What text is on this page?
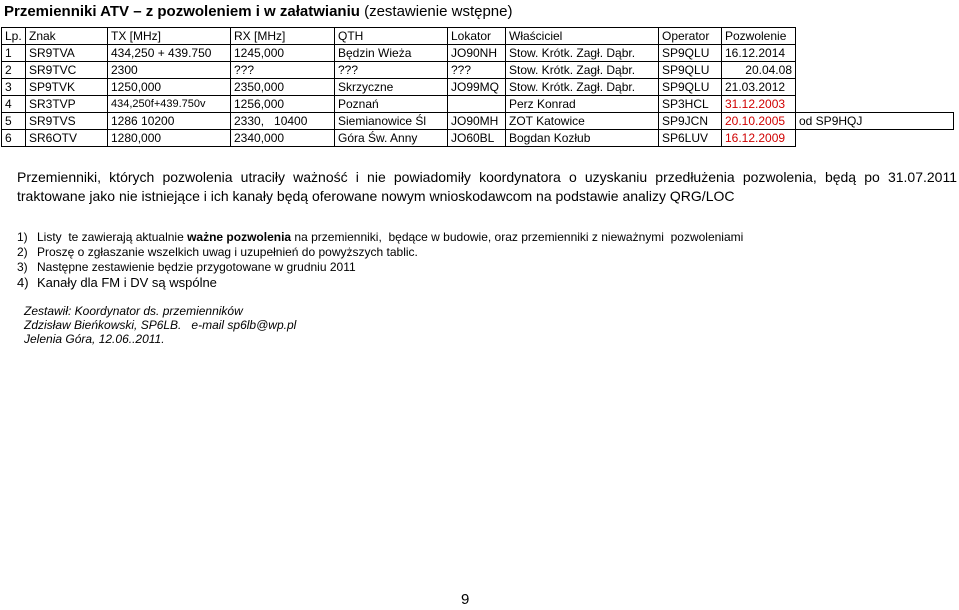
Przemienniki ATV – z pozwoleniem i w załatwianiu (zestawienie wstępne)
Lp.	Znak	TX [MHz]	RX [MHz]	QTH	Lokator	Właściciel	Operator	Pozwolenie	
1	SR9TVA	434,250 + 439.750	1245,000	Będzin Wieża	JO90NH	Stow. Krótk. Zagł. Dąbr.	SP9QLU	16.12.2014	
2	SR9TVC	2300	???	???	???	Stow. Krótk. Zagł. Dąbr.	SP9QLU	20.04.08	
3	SP9TVK	1250,000	2350,000	Skrzyczne	JO99MQ	Stow. Krótk. Zagł. Dąbr.	SP9QLU	21.03.2012	
4	SR3TVP	434,250f+439.750v	1256,000	Poznań		Perz Konrad	SP3HCL	31.12.2003	
5	SR9TVS	1286 10200	2330,   10400	Siemianowice Śl	JO90MH	ZOT Katowice	SP9JCN	20.10.2005	od SP9HQJ
6	SR6OTV	1280,000	2340,000	Góra Św. Anny	JO60BL	Bogdan Kozłub	SP6LUV	16.12.2009	
Przemienniki, których pozwolenia utraciły ważność i nie powiadomiły koordynatora o uzyskaniu przedłużenia pozwolenia, będą po 31.07.2011 traktowane jako nie istniejące i ich kanały będą oferowane nowym wnioskodawcom na podstawie analizy QRG/LOC
1) Listy  te zawierają aktualnie ważne pozwolenia na przemienniki,  będące w budowie, oraz przemienniki z nieważnymi  pozwoleniami
2) Proszę o zgłaszanie wszelkich uwag i uzupełnień do powyższych tablic.
3) Następne zestawienie będzie przygotowane w grudniu 2011
4) Kanały dla FM i DV są wspólne
Zestawił: Koordynator ds. przemienników
Zdzisław Bieńkowski, SP6LB.   e-mail sp6lb@wp.pl
Jelenia Góra, 12.06..2011.
9
